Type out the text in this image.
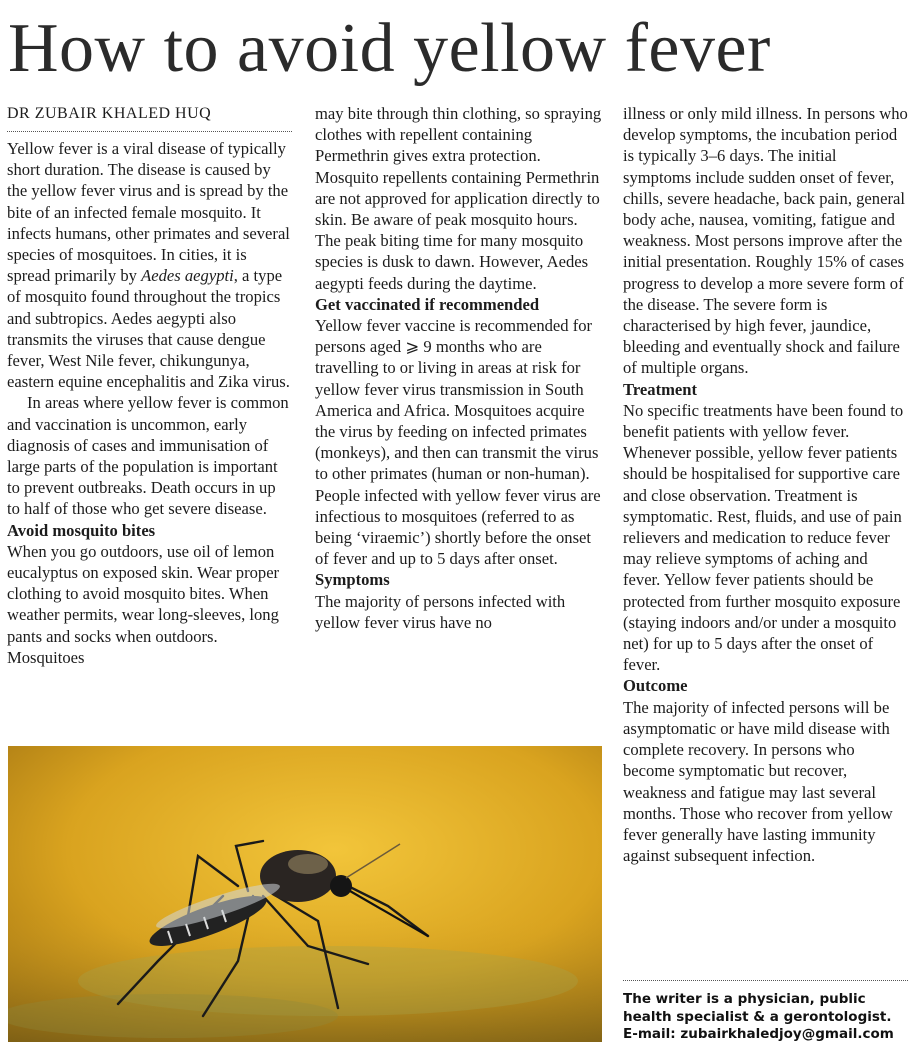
How to avoid yellow fever

DR ZUBAIR KHALED HUQ

Yellow fever is a viral disease of typically short duration. The disease is caused by the yellow fever virus and is spread by the bite of an infected female mosquito. It infects humans, other primates and several species of mosquitoes. In cities, it is spread primarily by Aedes aegypti, a type of mosquito found throughout the tropics and subtropics. Aedes aegypti also transmits the viruses that cause dengue fever, West Nile fever, chikungunya, eastern equine encephalitis and Zika virus.

In areas where yellow fever is common and vaccination is uncommon, early diagnosis of cases and immunisation of large parts of the population is important to prevent outbreaks. Death occurs in up to half of those who get severe disease.

Avoid mosquito bites

When you go outdoors, use oil of lemon eucalyptus on exposed skin. Wear proper clothing to avoid mosquito bites. When weather permits, wear long-sleeves, long pants and socks when outdoors. Mosquitoes

may bite through thin clothing, so spraying clothes with repellent containing Permethrin gives extra protection. Mosquito repellents containing Permethrin are not approved for application directly to skin. Be aware of peak mosquito hours. The peak biting time for many mosquito species is dusk to dawn. However, Aedes aegypti feeds during the daytime.

Get vaccinated if recommended

Yellow fever vaccine is recommended for persons aged ⩾ 9 months who are travelling to or living in areas at risk for yellow fever virus transmission in South America and Africa. Mosquitoes acquire the virus by feeding on infected primates (monkeys), and then can transmit the virus to other primates (human or non-human). People infected with yellow fever virus are infectious to mosquitoes (referred to as being ‘viraemic’) shortly before the onset of fever and up to 5 days after onset.

Symptoms

The majority of persons infected with yellow fever virus have no

illness or only mild illness. In persons who develop symptoms, the incubation period is typically 3–6 days. The initial symptoms include sudden onset of fever, chills, severe headache, back pain, general body ache, nausea, vomiting, fatigue and weakness. Most persons improve after the initial presentation. Roughly 15% of cases progress to develop a more severe form of the disease. The severe form is characterised by high fever, jaundice, bleeding and eventually shock and failure of multiple organs.

Treatment

No specific treatments have been found to benefit patients with yellow fever. Whenever possible, yellow fever patients should be hospitalised for supportive care and close observation. Treatment is symptomatic. Rest, fluids, and use of pain relievers and medication to reduce fever may relieve symptoms of aching and fever. Yellow fever patients should be protected from further mosquito exposure (staying indoors and/or under a mosquito net) for up to 5 days after the onset of fever.

Outcome

The majority of infected persons will be asymptomatic or have mild disease with complete recovery. In persons who become symptomatic but recover, weakness and fatigue may last several months. Those who recover from yellow fever generally have lasting immunity against subsequent infection.

The writer is a physician, public health specialist & a gerontologist.

E-mail: zubairkhaledjoy@gmail.com
